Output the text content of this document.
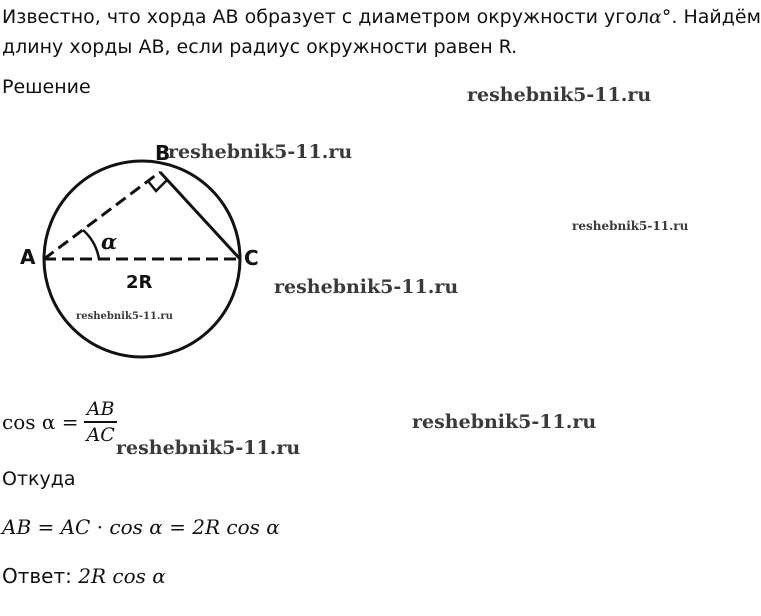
Известно, что хорда AB образует с диаметром окружности уголα°. Найдём
длину хорды AB, если радиус окружности равен R.
Решение	reshebnik5-11.ru
A
B
C
α
2R
reshebnik5-11.ru
reshebnik5-11.ru
reshebnik5-11.ru
reshebnik5-11.ru
$\cos \alpha = \frac{AB}{AC}$	reshebnik5-11.ru
reshebnik5-11.ru
Откуда
AB = AC · cos α = 2R cos α
Ответ: 2R cos α
